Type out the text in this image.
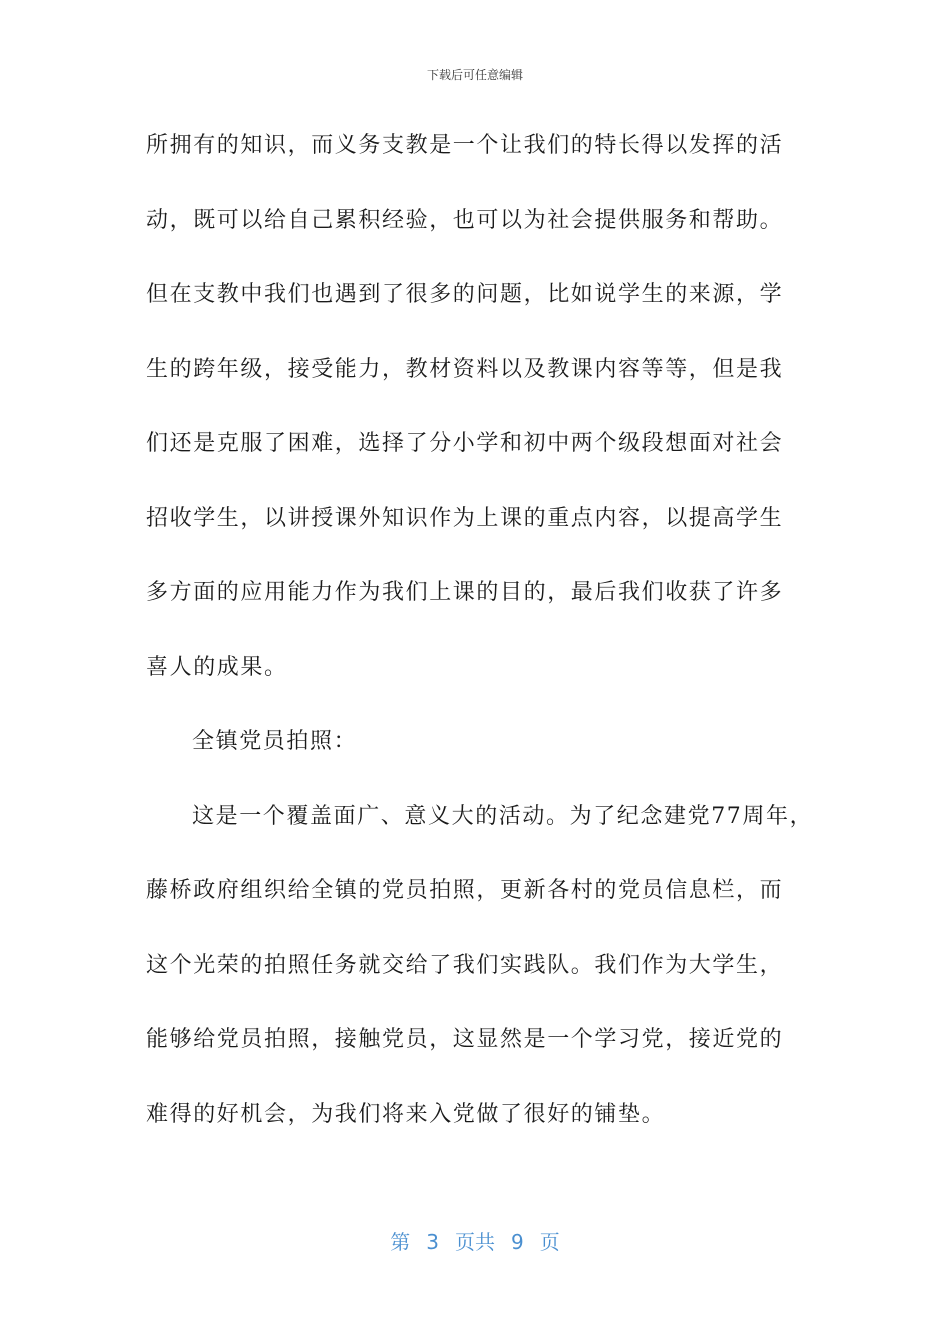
下载后可任意编辑
所拥有的知识，而义务支教是一个让我们的特长得以发挥的活
动，既可以给自己累积经验，也可以为社会提供服务和帮助。
但在支教中我们也遇到了很多的问题，比如说学生的来源，学
生的跨年级，接受能力，教材资料以及教课内容等等，但是我
们还是克服了困难，选择了分小学和初中两个级段想面对社会
招收学生，以讲授课外知识作为上课的重点内容，以提高学生
多方面的应用能力作为我们上课的目的，最后我们收获了许多
喜人的成果。
全镇党员拍照：
这是一个覆盖面广、意义大的活动。为了纪念建党77周年，
藤桥政府组织给全镇的党员拍照，更新各村的党员信息栏，而
这个光荣的拍照任务就交给了我们实践队。我们作为大学生，
能够给党员拍照，接触党员，这显然是一个学习党，接近党的
难得的好机会，为我们将来入党做了很好的铺垫。
第 3 页共 9 页
